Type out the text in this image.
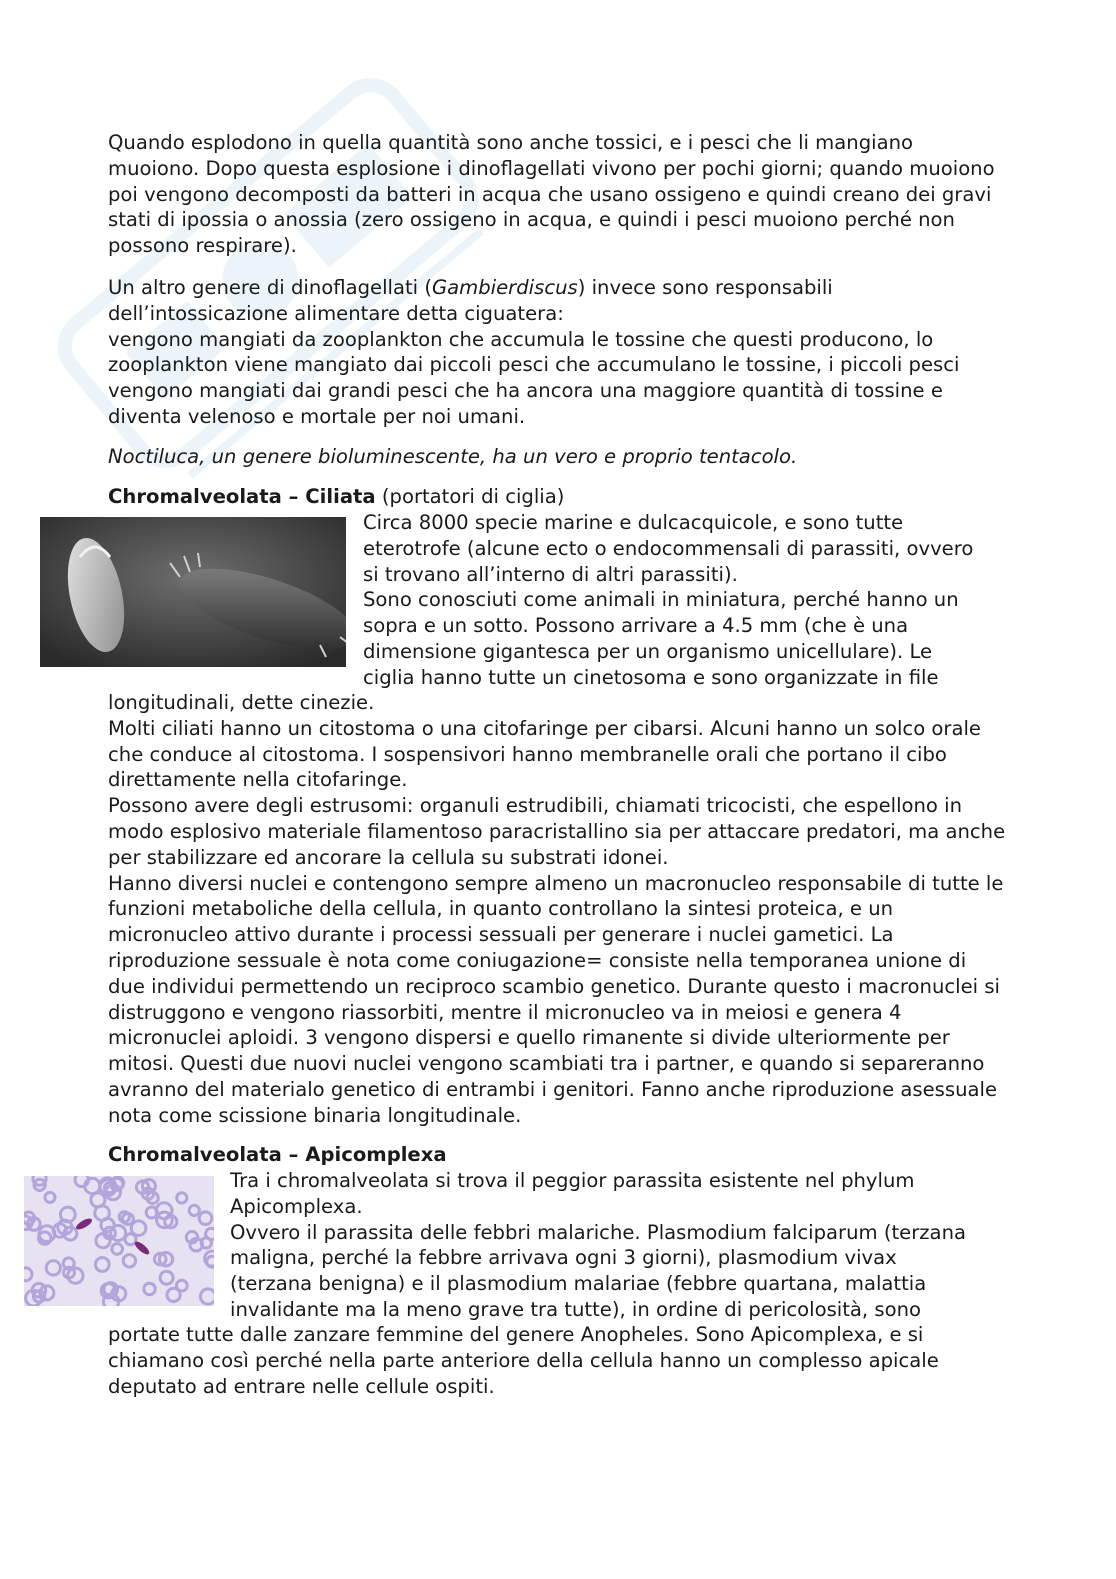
Quando esplodono in quella quantità sono anche tossici, e i pesci che li mangiano muoiono. Dopo questa esplosione i dinoflagellati vivono per pochi giorni; quando muoiono poi vengono decomposti da batteri in acqua che usano ossigeno e quindi creano dei gravi stati di ipossia o anossia (zero ossigeno in acqua, e quindi i pesci muoiono perché non possono respirare).

Un altro genere di dinoflagellati (Gambierdiscus) invece sono responsabili dell’intossicazione alimentare detta ciguatera:

vengono mangiati da zooplankton che accumula le tossine che questi producono, lo zooplankton viene mangiato dai piccoli pesci che accumulano le tossine, i piccoli pesci vengono mangiati dai grandi pesci che ha ancora una maggiore quantità di tossine e diventa velenoso e mortale per noi umani.

Noctiluca, un genere bioluminescente, ha un vero e proprio tentacolo.

Chromalveolata – Ciliata (portatori di ciglia)

Circa 8000 specie marine e dulcacquicole, e sono tutte
eterotrofe (alcune ecto o endocommensali di parassiti, ovvero
si trovano all’interno di altri parassiti).
Sono conosciuti come animali in miniatura, perché hanno un
sopra e un sotto. Possono arrivare a 4.5 mm (che è una
dimensione gigantesca per un organismo unicellulare). Le
ciglia hanno tutte un cinetosoma e sono organizzate in file

longitudinali, dette cinezie.

Molti ciliati hanno un citostoma o una citofaringe per cibarsi. Alcuni hanno un solco orale che conduce al citostoma. I sospensivori hanno membranelle orali che portano il cibo direttamente nella citofaringe.

Possono avere degli estrusomi: organuli estrudibili, chiamati tricocisti, che espellono in modo esplosivo materiale filamentoso paracristallino sia per attaccare predatori, ma anche per stabilizzare ed ancorare la cellula su substrati idonei.

Hanno diversi nuclei e contengono sempre almeno un macronucleo responsabile di tutte le funzioni metaboliche della cellula, in quanto controllano la sintesi proteica, e un micronucleo attivo durante i processi sessuali per generare i nuclei gametici. La riproduzione sessuale è nota come coniugazione= consiste nella temporanea unione di due individui permettendo un reciproco scambio genetico. Durante questo i macronuclei si distruggono e vengono riassorbiti, mentre il micronucleo va in meiosi e genera 4 micronuclei aploidi. 3 vengono dispersi e quello rimanente si divide ulteriormente per mitosi. Questi due nuovi nuclei vengono scambiati tra i partner, e quando si separeranno avranno del materialo genetico di entrambi i genitori. Fanno anche riproduzione asessuale nota come scissione binaria longitudinale.

Chromalveolata – Apicomplexa

Tra i chromalveolata si trova il peggior parassita esistente nel phylum
Apicomplexa.
Ovvero il parassita delle febbri malariche. Plasmodium falciparum (terzana
maligna, perché la febbre arrivava ogni 3 giorni), plasmodium vivax
(terzana benigna) e il plasmodium malariae (febbre quartana, malattia
invalidante ma la meno grave tra tutte), in ordine di pericolosità, sono

portate tutte dalle zanzare femmine del genere Anopheles. Sono Apicomplexa, e si chiamano così perché nella parte anteriore della cellula hanno un complesso apicale deputato ad entrare nelle cellule ospiti.
